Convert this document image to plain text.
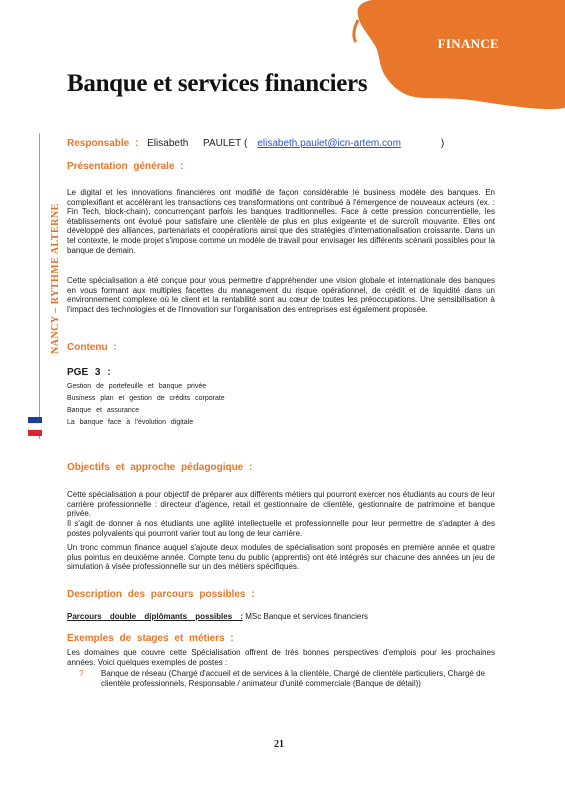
FINANCE
Banque et services financiers
NANCY – RYTHME ALTERNE
Responsable : Elisabeth PAULET ( elisabeth.paulet@icn-artem.com	)
Présentation générale :

Le digital et les innovations financières ont modifié de façon considérable le business modèle des banques. En complexifiant et accélérant les transactions ces transformations ont contribué à l'émergence de nouveaux acteurs (ex. : Fin Tech, block-chain), concurrençant parfois les banques traditionnelles. Face à cette pression concurrentielle, les établissements ont évolué pour satisfaire une clientèle de plus en plus exigeante et de surcroît mouvante. Elles ont développé des alliances, partenariats et coopérations ainsi que des stratégies d'internationalisation croissante. Dans un tel contexte, le mode projet s'impose comme un modèle de travail pour envisager les différents scénarii possibles pour la banque de demain.

Cette spécialisation a été conçue pour vous permettre d'appréhender une vision globale et internationale des banques en vous formant aux multiples facettes du management du risque opérationnel, de crédit et de liquidité dans un environnement complexe où le client et la rentabilité sont au cœur de toutes les préoccupations. Une sensibilisation à l'impact des technologies et de l'innovation sur l'organisation des entreprises est également proposée.

Contenu :
PGE 3 :
Gestion de portefeuille et banque privée
Business plan et gestion de crédits corporate
Banque et assurance
La banque face à l'évolution digitale
Objectifs et approche pédagogique :

Cette spécialisation a pour objectif de préparer aux différents métiers qui pourront exercer nos étudiants au cours de leur carrière professionnelle : directeur d'agence, retail et gestionnaire de clientèle, gestionnaire de patrimoine et banque privée.

Il s'agit de donner à nos étudiants une agilité intellectuelle et professionnelle pour leur permettre de s'adapter à des postes polyvalents qui pourront varier tout au long de leur carrière.

Un tronc commun finance auquel s'ajoute deux modules de spécialisation sont proposés en première année et quatre plus pointus en deuxième année. Compte tenu du public (apprentis) ont été intégrés sur chacune des années un jeu de simulation à visée professionnelle sur un des métiers spécifiques.

Description des parcours possibles :
Parcours double diplômants possibles : MSc Banque et services financiers
Exemples de stages et métiers :

Les domaines que couvre cette Spécialisation offrent de très bonnes perspectives d'emplois pour les prochaines années. Voici quelques exemples de postes :

? Banque de réseau (Chargé d'accueil et de services à la clientèle, Chargé de clientèle particuliers, Chargé de clientèle professionnels, Responsable / animateur d'unité commerciale (Banque de détail))
21
